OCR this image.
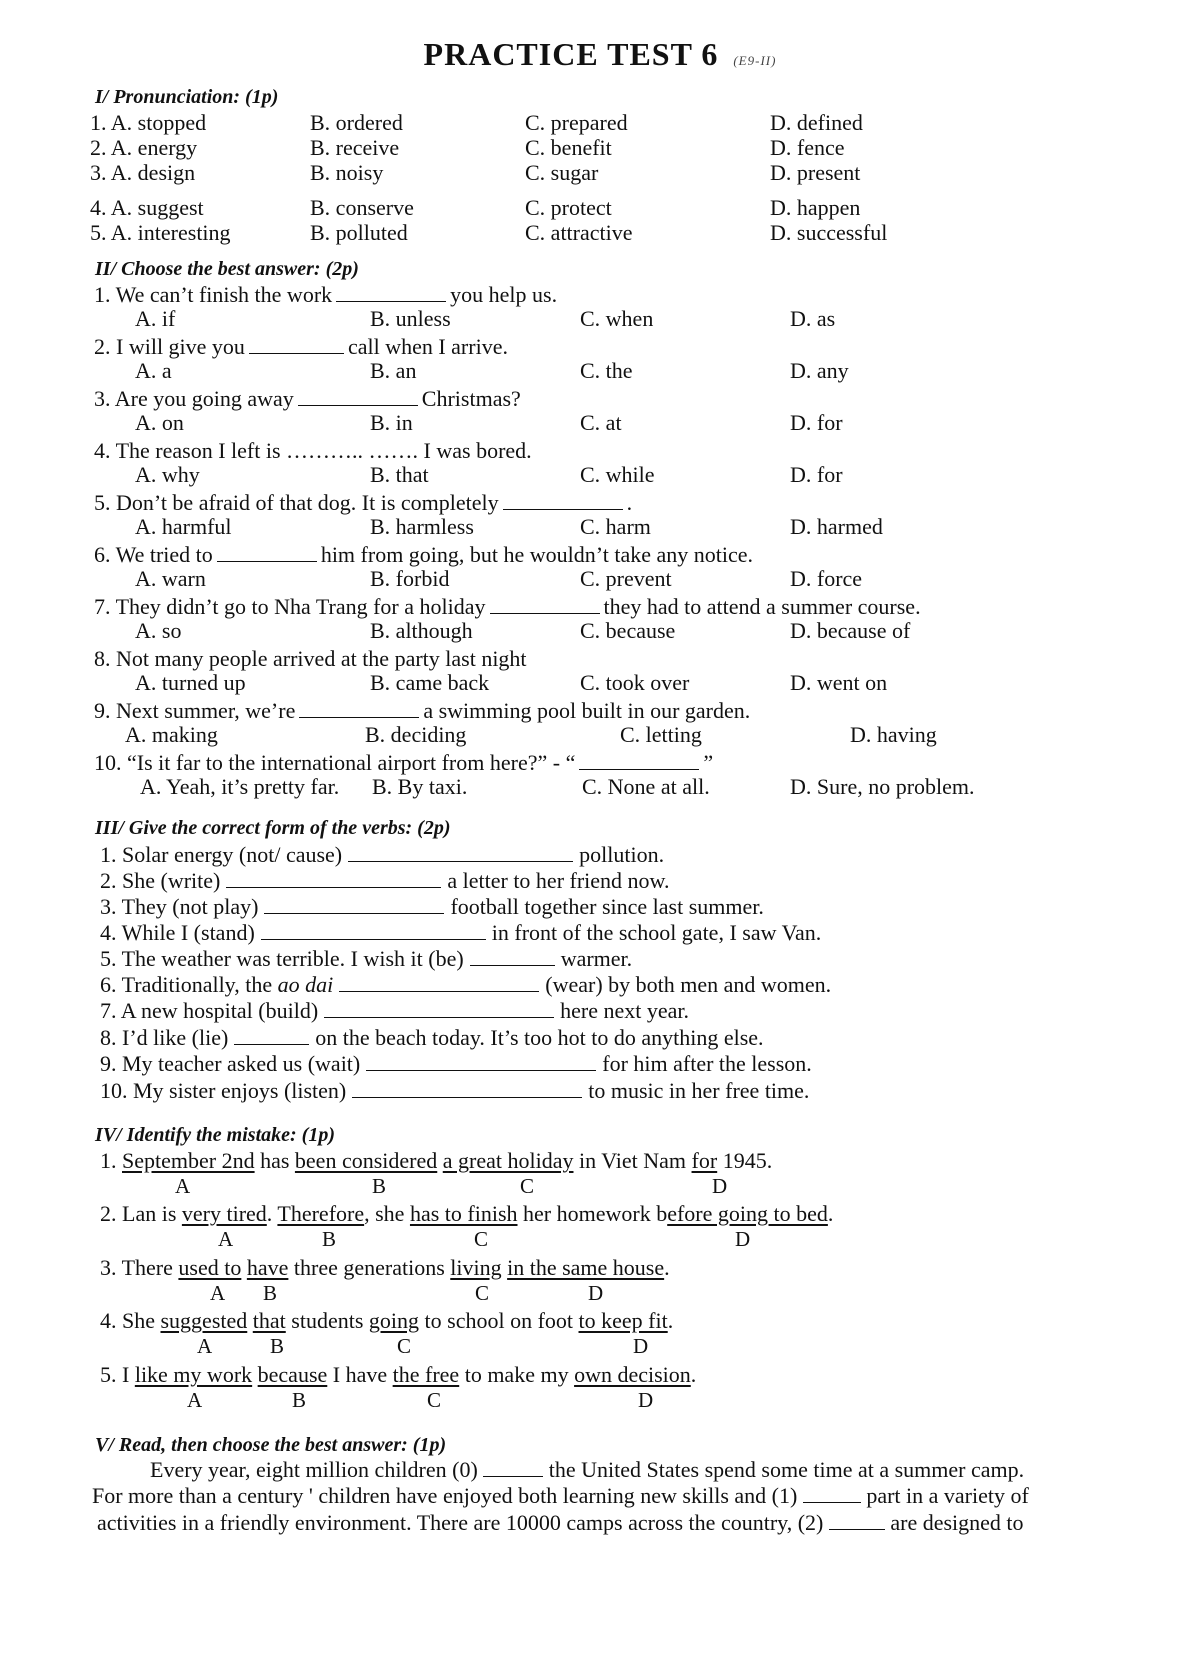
PRACTICE TEST 6 (E9-II)
I/ Pronunciation: (1p)
1. A. stopped	B. ordered	C. prepared	D. defined
2. A. energy	B. receive	C. benefit	D. fence
3. A. design	B. noisy	C. sugar	D. present
4. A. suggest	B. conserve	C. protect	D. happen
5. A. interesting	B. polluted	C. attractive	D. successful
II/ Choose the best answer: (2p)
1. We can’t finish the work	you help us.
A. if	B. unless	C. when	D. as
2. I will give you	call when I arrive.
A. a	B. an	C. the	D. any
3. Are you going away	Christmas?
A. on	B. in	C. at	D. for
4. The reason I left is ……….. ……. I was bored.
A. why	B. that	C. while	D. for
5. Don’t be afraid of that dog. It is completely	.
A. harmful	B. harmless	C. harm	D. harmed
6. We tried to	him from going, but he wouldn’t take any notice.
A. warn	B. forbid	C. prevent	D. force
7. They didn’t go to Nha Trang for a holiday	they had to attend a summer course.
A. so	B. although	C. because	D. because of
8. Not many people arrived at the party last night
A. turned up	B. came back	C. took over	D. went on
9. Next summer, we’re	a swimming pool built in our garden.
A. making	B. deciding	C. letting	D. having
10. “Is it far to the international airport from here?” - “	”
A. Yeah, it’s pretty far. B. By taxi.	C. None at all.	D. Sure, no problem.
III/ Give the correct form of the verbs: (2p)
1. Solar energy (not/ cause)	pollution.
2. She (write)	a letter to her friend now.
3. They (not play)	football together since last summer.
4. While I (stand)	in front of the school gate, I saw Van.
5. The weather was terrible. I wish it (be)	warmer.
6. Traditionally, the ao dai	(wear) by both men and women.
7. A new hospital (build)	here next year.
8. I’d like (lie)	on the beach today. It’s too hot to do anything else.
9. My teacher asked us (wait)	for him after the lesson.
10. My sister enjoys (listen)	to music in her free time.
IV/ Identify the mistake: (1p)
1. September 2nd has been considered a great holiday in Viet Nam for 1945.
A	B	C	D
2. Lan is very tired. Therefore, she has to finish her homework before going to bed.
A	B	C	D
3. There used to have three generations living in the same house.
A B	C	D
4. She suggested that students going to school on foot to keep fit.
A	B	C	D
5. I like my work because I have the free to make my own decision.
A	B	C	D
V/ Read, then choose the best answer: (1p)
Every year, eight million children (0)	the United States spend some time at a summer camp.
For more than a century ' children have enjoyed both learning new skills and (1)	part in a variety of
activities in a friendly environment. There are 10000 camps across the country, (2)	are designed to
